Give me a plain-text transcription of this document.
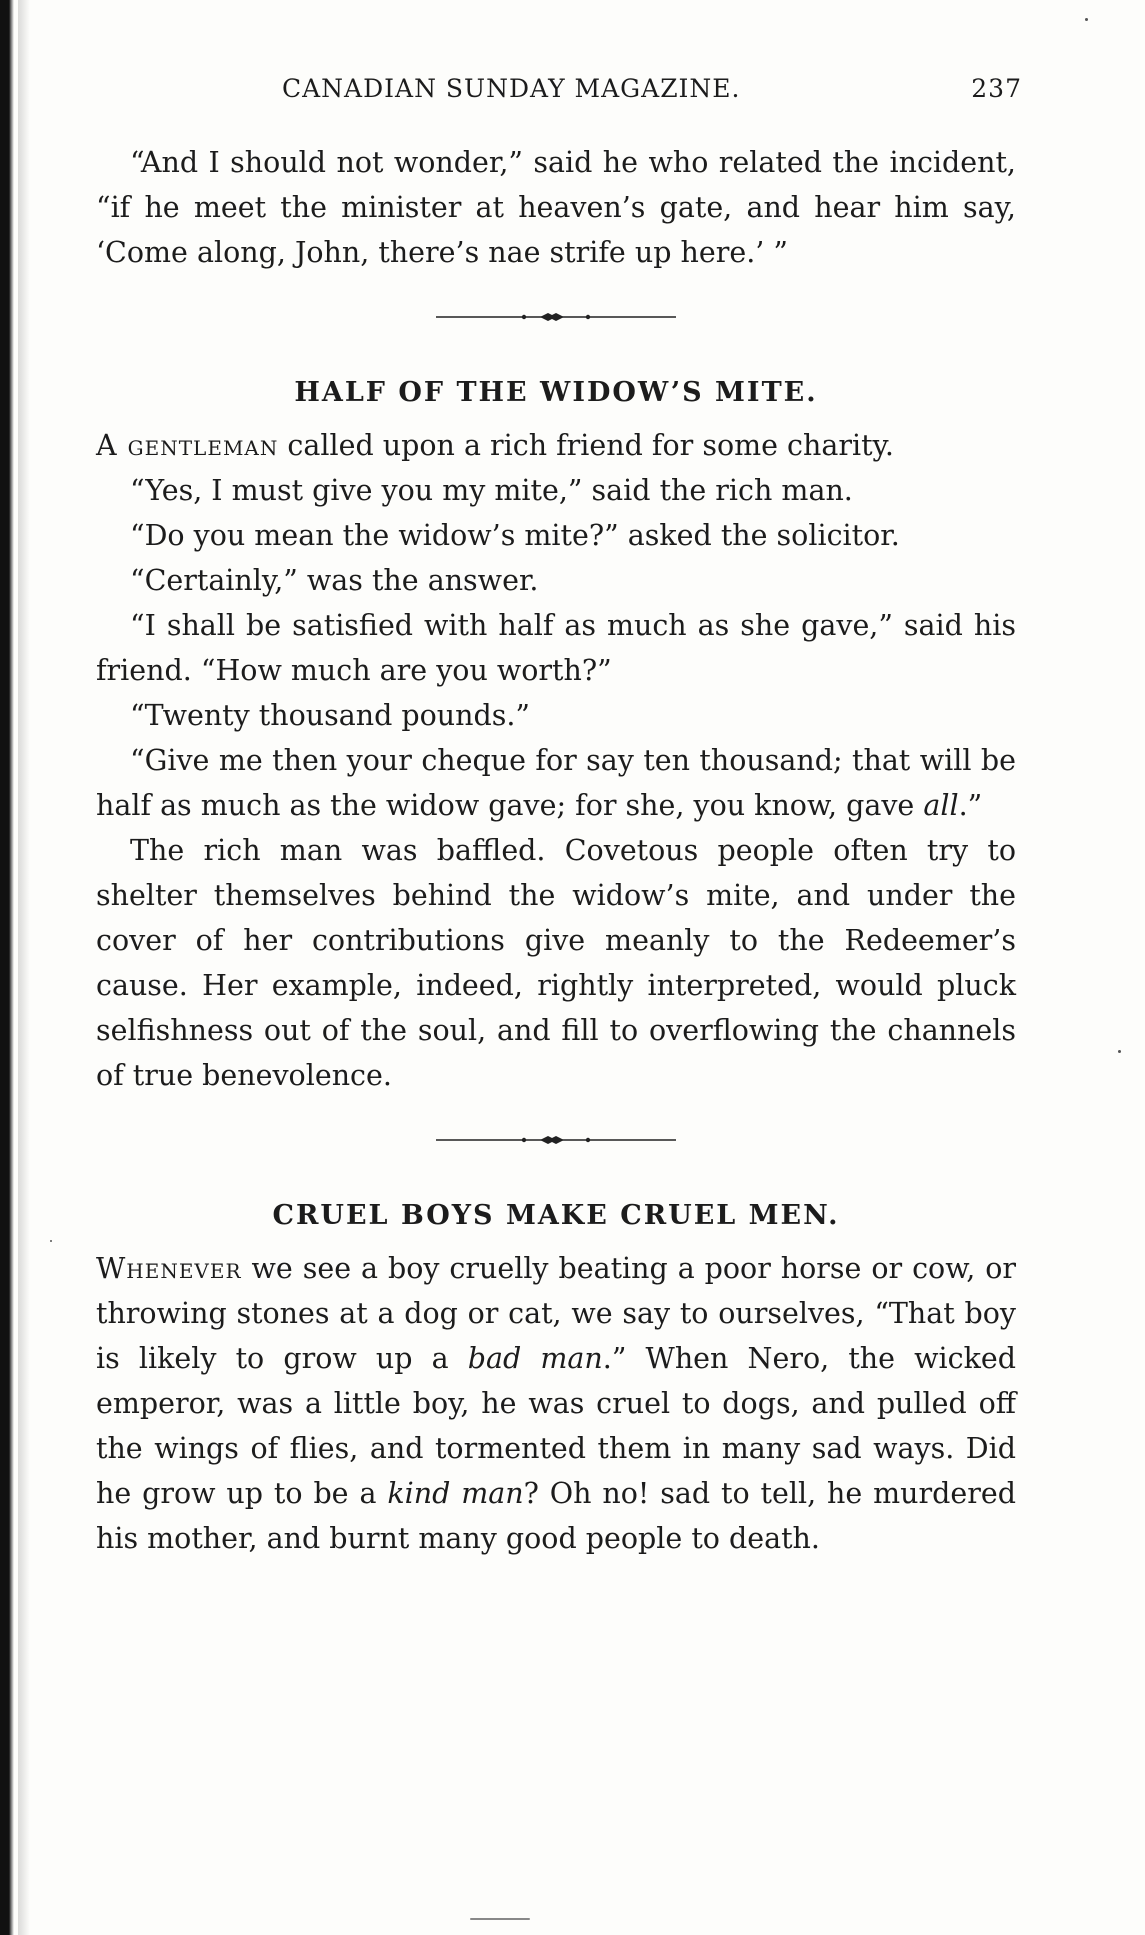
CANADIAN SUNDAY MAGAZINE.	237

“And I should not wonder,” said he who related the incident, “if he meet the minister at heaven’s gate, and hear him say, ‘Come along, John, there’s nae strife up here.’ ”

HALF OF THE WIDOW’S MITE.

A gentleman called upon a rich friend for some charity.

“Yes, I must give you my mite,” said the rich man.

“Do you mean the widow’s mite?” asked the solicitor.

“Certainly,” was the answer.

“I shall be satisfied with half as much as she gave,” said his friend. “How much are you worth?”

“Twenty thousand pounds.”

“Give me then your cheque for say ten thousand; that will be half as much as the widow gave; for she, you know, gave all.”

The rich man was baffled. Covetous people often try to shelter themselves behind the widow’s mite, and under the cover of her contributions give meanly to the Redeemer’s cause. Her example, indeed, rightly interpreted, would pluck selfishness out of the soul, and fill to overflowing the channels of true benevolence.

CRUEL BOYS MAKE CRUEL MEN.

Whenever we see a boy cruelly beating a poor horse or cow, or throwing stones at a dog or cat, we say to ourselves, “That boy is likely to grow up a bad man.” When Nero, the wicked emperor, was a little boy, he was cruel to dogs, and pulled off the wings of flies, and tormented them in many sad ways. Did he grow up to be a kind man? Oh no! sad to tell, he murdered his mother, and burnt many good people to death.
